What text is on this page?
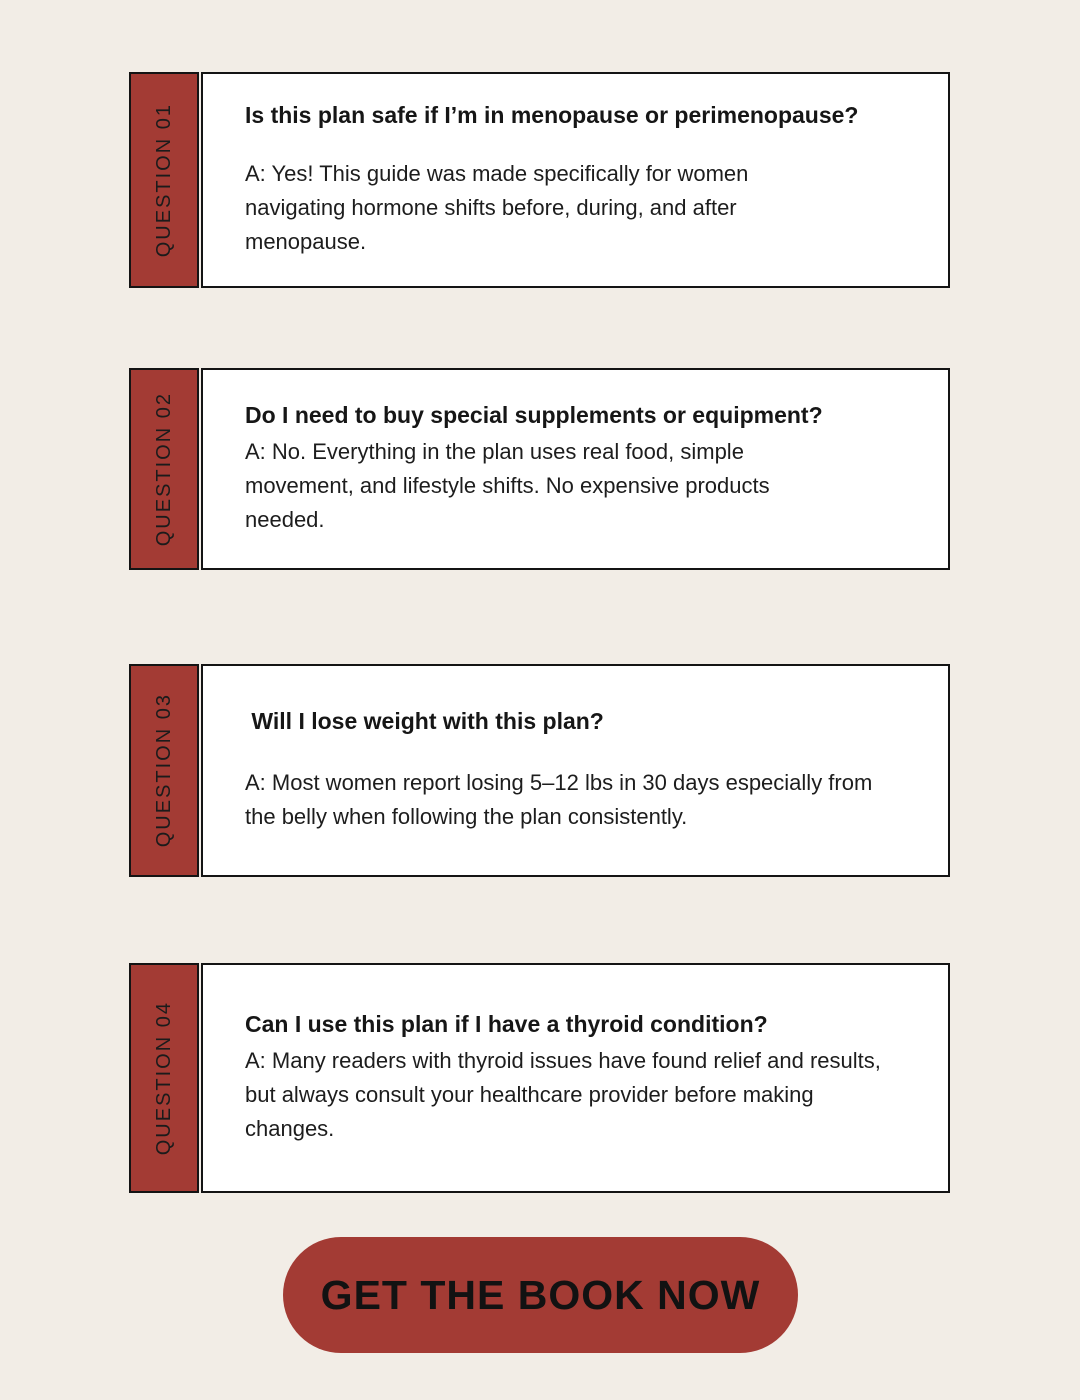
QUESTION 01	Is this plan safe if I’m in menopause or perimenopause?
A: Yes! This guide was made specifically for women navigating hormone shifts before, during, and after menopause.
QUESTION 02	Do I need to buy special supplements or equipment?
A: No. Everything in the plan uses real food, simple movement, and lifestyle shifts. No expensive products needed.
QUESTION 03	Will I lose weight with this plan?
A: Most women report losing 5–12 lbs in 30 days especially from the belly when following the plan consistently.
QUESTION 04	Can I use this plan if I have a thyroid condition?
A: Many readers with thyroid issues have found relief and results, but always consult your healthcare provider before making changes.
GET THE BOOK NOW
